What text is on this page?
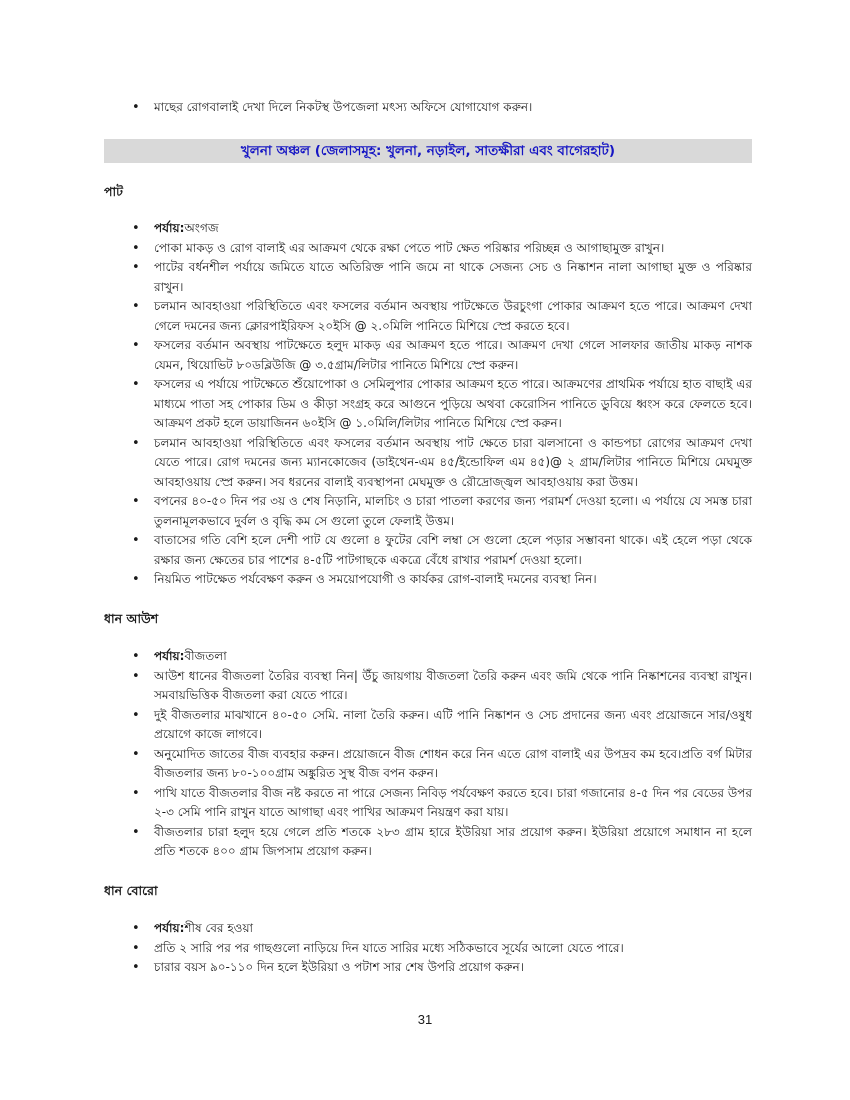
• মাছের রোগবালাই দেখা দিলে নিকটস্থ উপজেলা মৎস্য অফিসে যোগাযোগ করুন।
খুলনা অঞ্চল (জেলাসমূহ: খুলনা, নড়াইল, সাতক্ষীরা এবং বাগেরহাট)
পাট
• পর্যায়:অংগজ
• পোকা মাকড় ও রোগ বালাই এর আক্রমণ থেকে রক্ষা পেতে পাট ক্ষেত পরিষ্কার পরিচ্ছন্ন ও আগাছামুক্ত রাখুন।
• পাটের বর্ধনশীল পর্যায়ে জমিতে যাতে অতিরিক্ত পানি জমে না থাকে সেজন্য সেচ ও নিষ্কাশন নালা আগাছা মুক্ত ও পরিষ্কার রাখুন।
• চলমান আবহাওয়া পরিস্থিতিতে এবং ফসলের বর্তমান অবস্থায় পাটক্ষেতে উরচুংগা পোকার আক্রমণ হতে পারে। আক্রমণ দেখা গেলে দমনের জন্য ক্লোরপাইরিফস ২০ইসি @ ২.০মিলি পানিতে মিশিয়ে স্প্রে করতে হবে।
• ফসলের বর্তমান অবস্থায় পাটক্ষেতে হলুদ মাকড় এর আক্রমণ হতে পারে। আক্রমণ দেখা গেলে সালফার জাতীয় মাকড় নাশক যেমন, থিয়োভিট ৮০ডব্লিউজি @ ৩.৫গ্রাম/লিটার পানিতে মিশিয়ে স্প্রে করুন।
• ফসলের এ পর্যায়ে পাটক্ষেতে শুঁয়োপোকা ও সেমিলুপার পোকার আক্রমণ হতে পারে। আক্রমণের প্রাথমিক পর্যায়ে হাত বাছাই এর মাধ্যমে পাতা সহ পোকার ডিম ও কীড়া সংগ্রহ করে আগুনে পুড়িয়ে অথবা কেরোসিন পানিতে ডুবিয়ে ধ্বংস করে ফেলতে হবে। আক্রমণ প্রকট হলে ডায়াজিনন ৬০ইসি @ ১.০মিলি/লিটার পানিতে মিশিয়ে স্প্রে করুন।
• চলমান আবহাওয়া পরিস্থিতিতে এবং ফসলের বর্তমান অবস্থায় পাট ক্ষেতে চারা ঝলসানো ও কান্ডপচা রোগের আক্রমণ দেখা যেতে পারে। রোগ দমনের জন্য ম্যানকোজেব (ডাইথেন-এম ৪৫/ইন্ডোফিল এম ৪৫)@ ২ গ্রাম/লিটার পানিতে মিশিয়ে মেঘমুক্ত আবহাওয়ায় স্প্রে করুন। সব ধরনের বালাই ব্যবস্থাপনা মেঘমুক্ত ও রৌদ্রোজ্জ্বল আবহাওয়ায় করা উত্তম।
• বপনের ৪০-৫০ দিন পর ৩য় ও শেষ নিড়ানি, মালচিং ও চারা পাতলা করণের জন্য পরামর্শ দেওয়া হলো। এ পর্যায়ে যে সমস্ত চারা তুলনামূলকভাবে দুর্বল ও বৃদ্ধি কম সে গুলো তুলে ফেলাই উত্তম।
• বাতাসের গতি বেশি হলে দেশী পাট যে গুলো ৪ ফুটের বেশি লম্বা সে গুলো হেলে পড়ার সম্ভাবনা থাকে। এই হেলে পড়া থেকে রক্ষার জন্য ক্ষেতের চার পাশের ৪-৫টি পাটগাছকে একত্রে বেঁধে রাখার পরামর্শ দেওয়া হলো।
• নিয়মিত পাটক্ষেত পর্যবেক্ষণ করুন ও সময়োপযোগী ও কার্যকর রোগ-বালাই দমনের ব্যবস্থা নিন।
ধান আউশ
• পর্যায়:বীজতলা
• আউশ ধানের বীজতলা তৈরির ব্যবস্থা নিন| উঁচু জায়গায় বীজতলা তৈরি করুন এবং জমি থেকে পানি নিষ্কাশনের ব্যবস্থা রাখুন। সমবায়ভিত্তিক বীজতলা করা যেতে পারে।
• দুই বীজতলার মাঝখানে ৪০-৫০ সেমি. নালা তৈরি করুন। এটি পানি নিষ্কাশন ও সেচ প্রদানের জন্য এবং প্রয়োজনে সার/ওষুধ প্রয়োগে কাজে লাগবে।
• অনুমোদিত জাতের বীজ ব্যবহার করুন। প্রয়োজনে বীজ শোধন করে নিন এতে রোগ বালাই এর উপদ্রব কম হবে।প্রতি বর্গ মিটার বীজতলার জন্য ৮০-১০০গ্রাম অঙ্কুরিত সুস্থ বীজ বপন করুন।
• পাখি যাতে বীজতলার বীজ নষ্ট করতে না পারে সেজন্য নিবিড় পর্যবেক্ষণ করতে হবে। চারা গজানোর ৪-৫ দিন পর বেডের উপর ২-৩ সেমি পানি রাখুন যাতে আগাছা এবং পাখির আক্রমণ নিয়ন্ত্রণ করা যায়।
• বীজতলার চারা হলুদ হয়ে গেলে প্রতি শতকে ২৮৩ গ্রাম হারে ইউরিয়া সার প্রয়োগ করুন। ইউরিয়া প্রয়োগে সমাধান না হলে প্রতি শতকে ৪০০ গ্রাম জিপসাম প্রয়োগ করুন।
ধান বোরো
• পর্যায়:শীষ বের হওয়া
• প্রতি ২ সারি পর পর গাছগুলো নাড়িয়ে দিন যাতে সারির মধ্যে সঠিকভাবে সূর্যের আলো যেতে পারে।
• চারার বয়স ৯০-১১০ দিন হলে ইউরিয়া ও পটাশ সার শেষ উপরি প্রয়োগ করুন।
31
